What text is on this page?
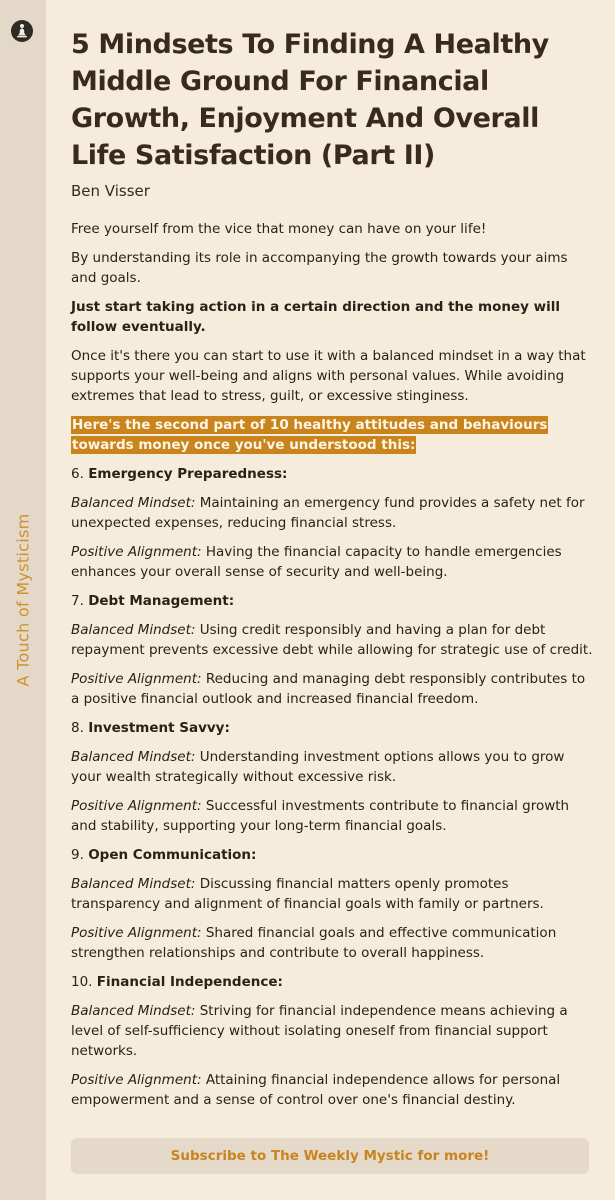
A Touch of Mysticism
5 Mindsets To Finding A Healthy Middle Ground For Financial Growth, Enjoyment And Overall Life Satisfaction (Part II)
Ben Visser

Free yourself from the vice that money can have on your life!

By understanding its role in accompanying the growth towards your aims and goals.

Just start taking action in a certain direction and the money will follow eventually.

Once it's there you can start to use it with a balanced mindset in a way that supports your well-being and aligns with personal values. While avoiding extremes that lead to stress, guilt, or excessive stinginess.

Here's the second part of 10 healthy attitudes and behaviours towards money once you've understood this:

6. Emergency Preparedness:

Balanced Mindset: Maintaining an emergency fund provides a safety net for unexpected expenses, reducing financial stress.

Positive Alignment: Having the financial capacity to handle emergencies enhances your overall sense of security and well-being.

7. Debt Management:

Balanced Mindset: Using credit responsibly and having a plan for debt repayment prevents excessive debt while allowing for strategic use of credit.

Positive Alignment: Reducing and managing debt responsibly contributes to a positive financial outlook and increased financial freedom.

8. Investment Savvy:

Balanced Mindset: Understanding investment options allows you to grow your wealth strategically without excessive risk.

Positive Alignment: Successful investments contribute to financial growth and stability, supporting your long-term financial goals.

9. Open Communication:

Balanced Mindset: Discussing financial matters openly promotes transparency and alignment of financial goals with family or partners.

Positive Alignment: Shared financial goals and effective communication strengthen relationships and contribute to overall happiness.

10. Financial Independence:

Balanced Mindset: Striving for financial independence means achieving a level of self-sufficiency without isolating oneself from financial support networks.

Positive Alignment: Attaining financial independence allows for personal empowerment and a sense of control over one's financial destiny.

Subscribe to The Weekly Mystic for more!
